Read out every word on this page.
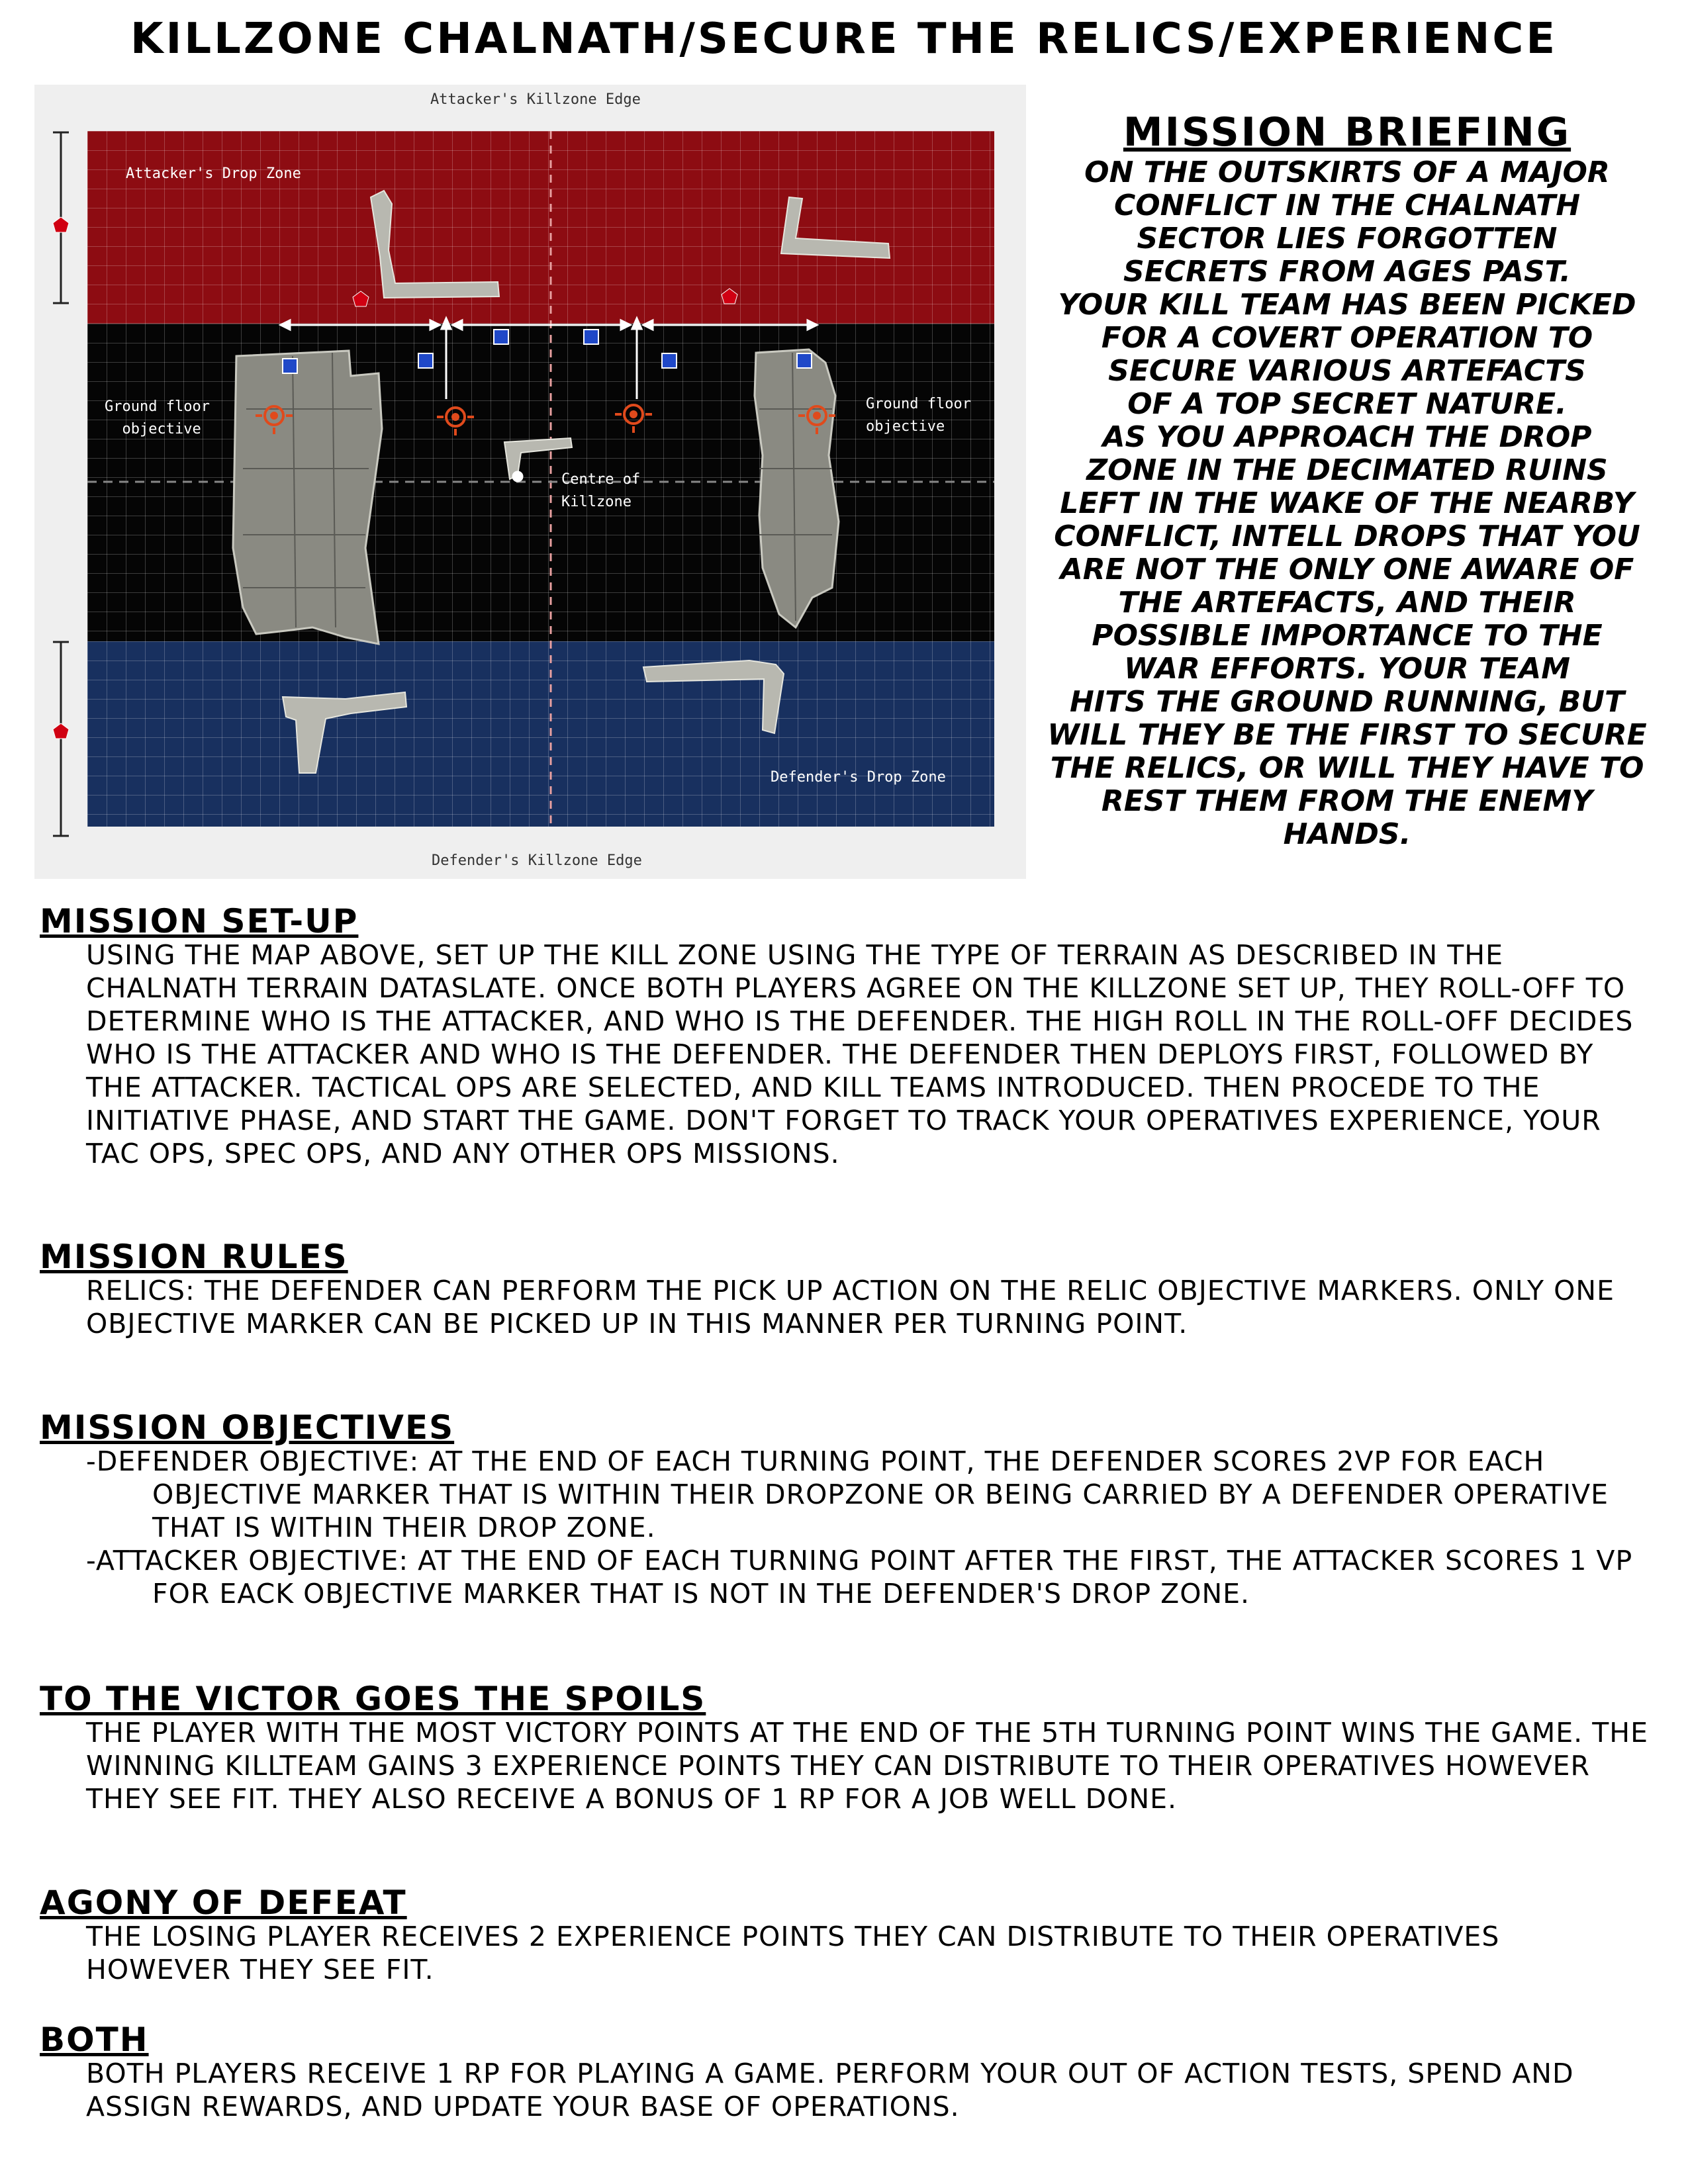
KILLZONE CHALNATH/SECURE THE RELICS/EXPERIENCE
Attacker's Killzone Edge
Defender's Killzone Edge
Attacker's Drop Zone
Ground floor
objective
Ground floor
objective
Centre of
Killzone
Defender's Drop Zone
MISSION BRIEFING
ON THE OUTSKIRTS OF A MAJOR
CONFLICT IN THE CHALNATH
SECTOR LIES FORGOTTEN
SECRETS FROM AGES PAST.
YOUR KILL TEAM HAS BEEN PICKED
FOR A COVERT OPERATION TO
SECURE VARIOUS ARTEFACTS
OF A TOP SECRET NATURE.
AS YOU APPROACH THE DROP
ZONE IN THE DECIMATED RUINS
LEFT IN THE WAKE OF THE NEARBY
CONFLICT, INTELL DROPS THAT YOU
ARE NOT THE ONLY ONE AWARE OF
THE ARTEFACTS, AND THEIR
POSSIBLE IMPORTANCE TO THE
WAR EFFORTS. YOUR TEAM
HITS THE GROUND RUNNING, BUT
WILL THEY BE THE FIRST TO SECURE
THE RELICS, OR WILL THEY HAVE TO
REST THEM FROM THE ENEMY
HANDS.
MISSION SET-UP
USING THE MAP ABOVE, SET UP THE KILL ZONE USING THE TYPE OF TERRAIN AS DESCRIBED IN THE CHALNATH TERRAIN DATASLATE. ONCE BOTH PLAYERS AGREE ON THE KILLZONE SET UP, THEY ROLL-OFF TO DETERMINE WHO IS THE ATTACKER, AND WHO IS THE DEFENDER. THE HIGH ROLL IN THE ROLL-OFF DECIDES WHO IS THE ATTACKER AND WHO IS THE DEFENDER. THE DEFENDER THEN DEPLOYS FIRST, FOLLOWED BY THE ATTACKER. TACTICAL OPS ARE SELECTED, AND KILL TEAMS INTRODUCED. THEN PROCEDE TO THE INITIATIVE PHASE, AND START THE GAME. DON'T FORGET TO TRACK YOUR OPERATIVES EXPERIENCE, YOUR TAC OPS, SPEC OPS, AND ANY OTHER OPS MISSIONS.
MISSION RULES
RELICS: THE DEFENDER CAN PERFORM THE PICK UP ACTION ON THE RELIC OBJECTIVE MARKERS. ONLY ONE OBJECTIVE MARKER CAN BE PICKED UP IN THIS MANNER PER TURNING POINT.
MISSION OBJECTIVES
-DEFENDER OBJECTIVE: AT THE END OF EACH TURNING POINT, THE DEFENDER SCORES 2VP FOR EACH OBJECTIVE MARKER THAT IS WITHIN THEIR DROPZONE OR BEING CARRIED BY A DEFENDER OPERATIVE THAT IS WITHIN THEIR DROP ZONE.
-ATTACKER OBJECTIVE: AT THE END OF EACH TURNING POINT AFTER THE FIRST, THE ATTACKER SCORES 1 VP FOR EACK OBJECTIVE MARKER THAT IS NOT IN THE DEFENDER'S DROP ZONE.
TO THE VICTOR GOES THE SPOILS
THE PLAYER WITH THE MOST VICTORY POINTS AT THE END OF THE 5TH TURNING POINT WINS THE GAME. THE WINNING KILLTEAM GAINS 3 EXPERIENCE POINTS THEY CAN DISTRIBUTE TO THEIR OPERATIVES HOWEVER THEY SEE FIT. THEY ALSO RECEIVE A BONUS OF 1 RP FOR A JOB WELL DONE.
AGONY OF DEFEAT
THE LOSING PLAYER RECEIVES 2 EXPERIENCE POINTS THEY CAN DISTRIBUTE TO THEIR OPERATIVES HOWEVER THEY SEE FIT.
BOTH
BOTH PLAYERS RECEIVE 1 RP FOR PLAYING A GAME. PERFORM YOUR OUT OF ACTION TESTS, SPEND AND ASSIGN REWARDS, AND UPDATE YOUR BASE OF OPERATIONS.
